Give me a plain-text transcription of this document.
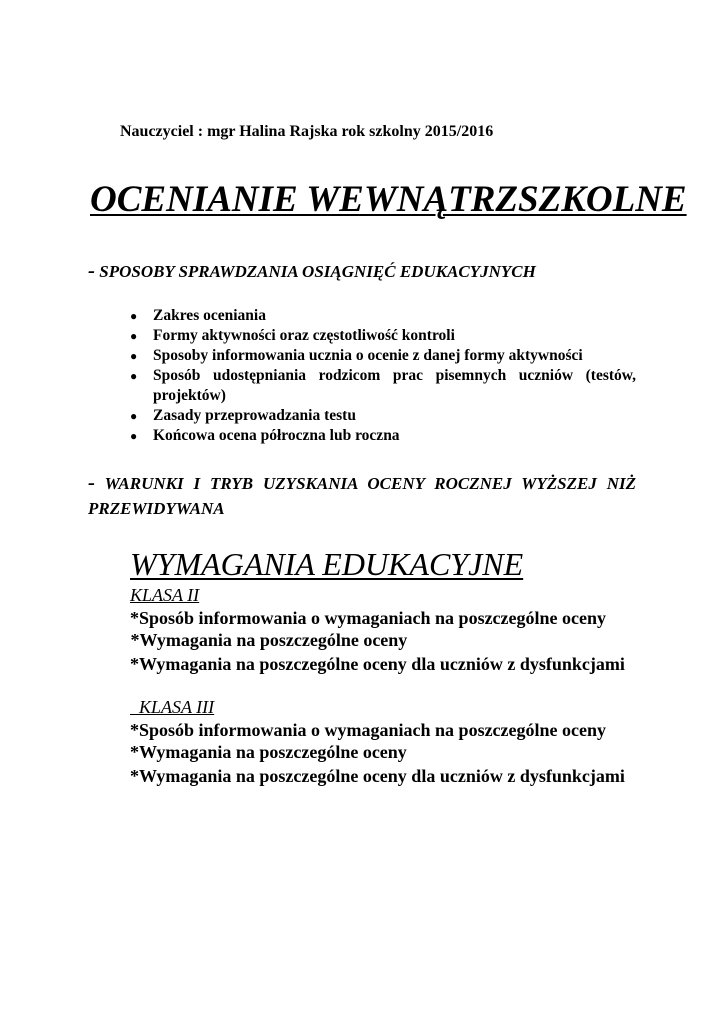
Nauczyciel : mgr Halina Rajska rok szkolny 2015/2016
OCENIANIE WEWNĄTRZSZKOLNE
- SPOSOBY SPRAWDZANIA OSIĄGNIĘĆ EDUKACYJNYCH
● Zakres oceniania
● Formy aktywności oraz częstotliwość kontroli
● Sposoby informowania ucznia o ocenie z danej formy aktywności
● Sposób udostępniania rodzicom prac pisemnych uczniów (testów, projektów)
● Zasady przeprowadzania testu
● Końcowa ocena półroczna lub roczna
- WARUNKI I TRYB UZYSKANIA OCENY ROCZNEJ WYŻSZEJ NIŻ PRZEWIDYWANA
WYMAGANIA EDUKACYJNE
KLASA II
*Sposób informowania o wymaganiach na poszczególne oceny
*Wymagania na poszczególne oceny
*Wymagania na poszczególne oceny dla uczniów z dysfunkcjami
KLASA III
*Sposób informowania o wymaganiach na poszczególne oceny
*Wymagania na poszczególne oceny
*Wymagania na poszczególne oceny dla uczniów z dysfunkcjami
